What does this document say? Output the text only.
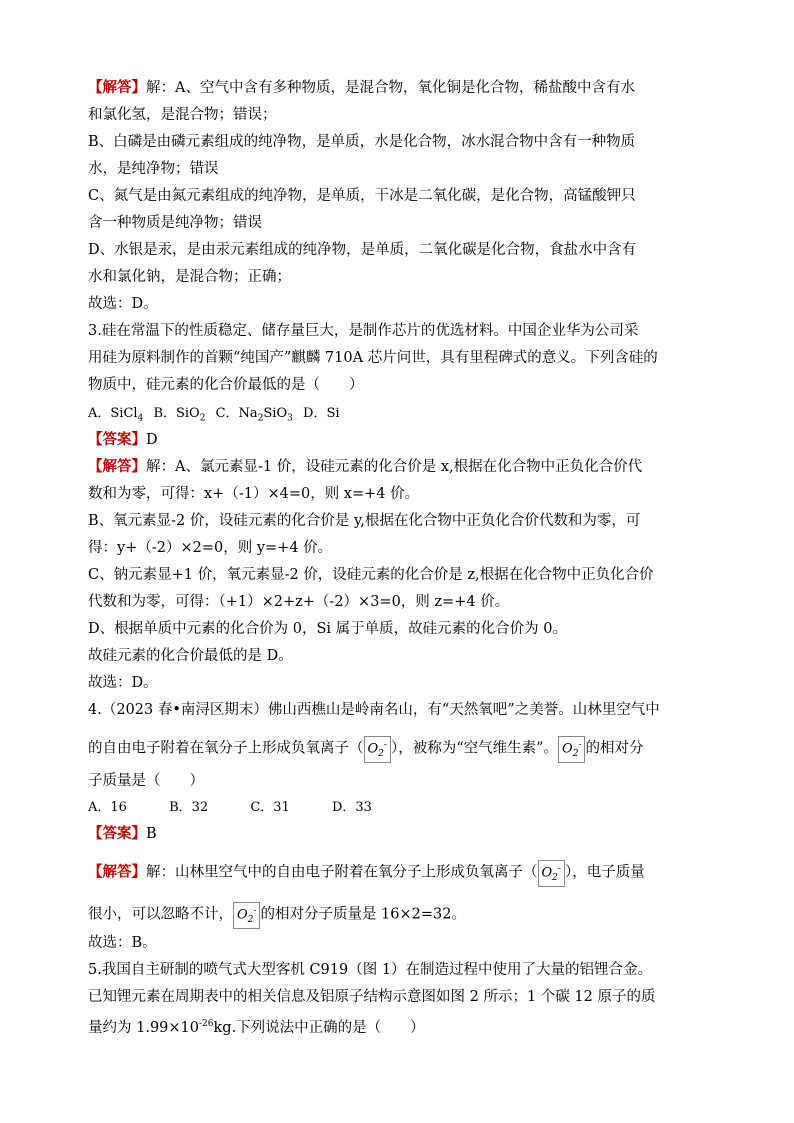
【解答】解：A、空气中含有多种物质，是混合物，氧化铜是化合物，稀盐酸中含有水
和氯化氢，是混合物；错误；
B、白磷是由磷元素组成的纯净物，是单质，水是化合物，冰水混合物中含有一种物质
水，是纯净物；错误
C、氮气是由氮元素组成的纯净物，是单质，干冰是二氧化碳，是化合物，高锰酸钾只
含一种物质是纯净物；错误
D、水银是汞，是由汞元素组成的纯净物，是单质，二氧化碳是化合物，食盐水中含有
水和氯化钠，是混合物；正确；
故选：D。
3.硅在常温下的性质稳定、储存量巨大，是制作芯片的优选材料。中国企业华为公司采
用硅为原料制作的首颗“纯国产”麒麟 710A 芯片问世，具有里程碑式的意义。下列含硅的
物质中，硅元素的化合价最低的是（　　）
A．SiCl$_4$ B．SiO$_2$ C．$Na_2SiO_3$ D．Si
【答案】D
【解答】解：A、氯元素显-1 价，设硅元素的化合价是 x,根据在化合物中正负化合价代
数和为零，可得：x+（-1）×4=0，则 x=+4 价。
B、氧元素显-2 价，设硅元素的化合价是 y,根据在化合物中正负化合价代数和为零，可
得：y+（-2）×2=0，则 y=+4 价。
C、钠元素显+1 价，氧元素显-2 价，设硅元素的化合价是 z,根据在化合物中正负化合价
代数和为零，可得：（+1）×2+z+（-2）×3=0，则 z=+4 价。
D、根据单质中元素的化合价为 0，Si 属于单质，故硅元素的化合价为 0。
故硅元素的化合价最低的是 D。
故选：D。
4.（2023 春•南浔区期末）佛山西樵山是岭南名山，有“天然氧吧”之美誉。山林里空气中
的自由电子附着在氧分子上形成负氧离子（ $O_2^-$ ），被称为“空气维生素”。 $O_2^-$ 的相对分
子质量是（　　）
A．16	B．32	C．31	D．33
【答案】B
【解答】解：山林里空气中的自由电子附着在氧分子上形成负氧离子（ $O_2^-$ ），电子质量
很小，可以忽略不计， $O_2^-$ 的相对分子质量是 16×2=32。
故选：B。
5.我国自主研制的喷气式大型客机 C919（图 1）在制造过程中使用了大量的铝锂合金。
已知锂元素在周期表中的相关信息及铝原子结构示意图如图 2 所示；1 个碳 12 原子的质
量约为 $1.99\times 10^{-26}kg$.下列说法中正确的是（　　）
